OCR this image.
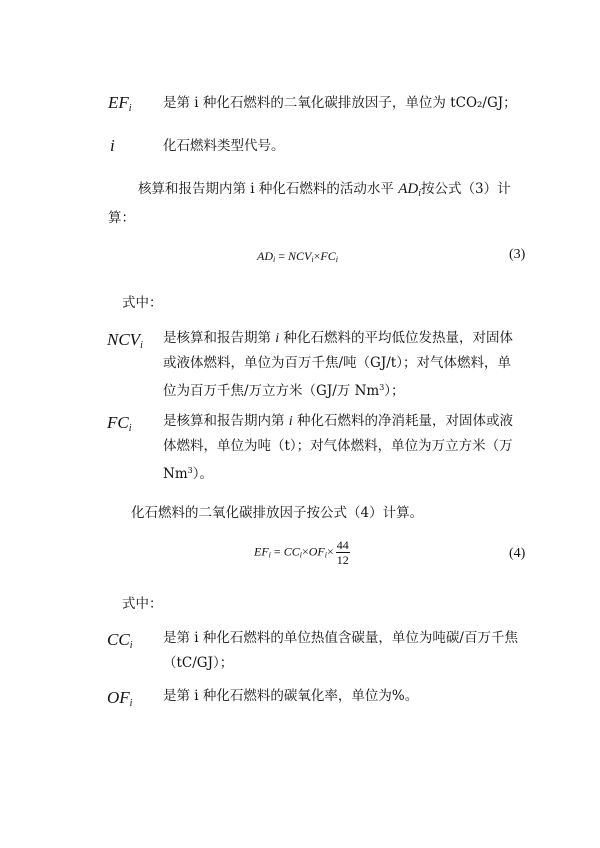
$EF_i$ 是第 i 种化石燃料的二氧化碳排放因子，单位为 tCO₂/GJ；
i	化石燃料类型代号。
核算和报告期内第 i 种化石燃料的活动水平 $AD_i$按公式（3）计
算：
$AD_i = NCV_i\times FC_i$	(3)
式中：
$NCV_i$ 是核算和报告期第 i 种化石燃料的平均低位发热量，对固体
或液体燃料，单位为百万千焦/吨（GJ/t）；对气体燃料，单
位为百万千焦/万立方米（GJ/万 Nm$^3$）；
$FC_i$ 是核算和报告期内第 i 种化石燃料的净消耗量，对固体或液
体燃料，单位为吨（t）；对气体燃料，单位为万立方米（万
Nm$^3$）。
化石燃料的二氧化碳排放因子按公式（4）计算。
$EF_i = CC_i\times OF_i\times \frac{44}{12}$	(4)
式中：
$CC_i$ 是第 i 种化石燃料的单位热值含碳量，单位为吨碳/百万千焦
（tC/GJ）；
$OF_i$ 是第 i 种化石燃料的碳氧化率，单位为%。
